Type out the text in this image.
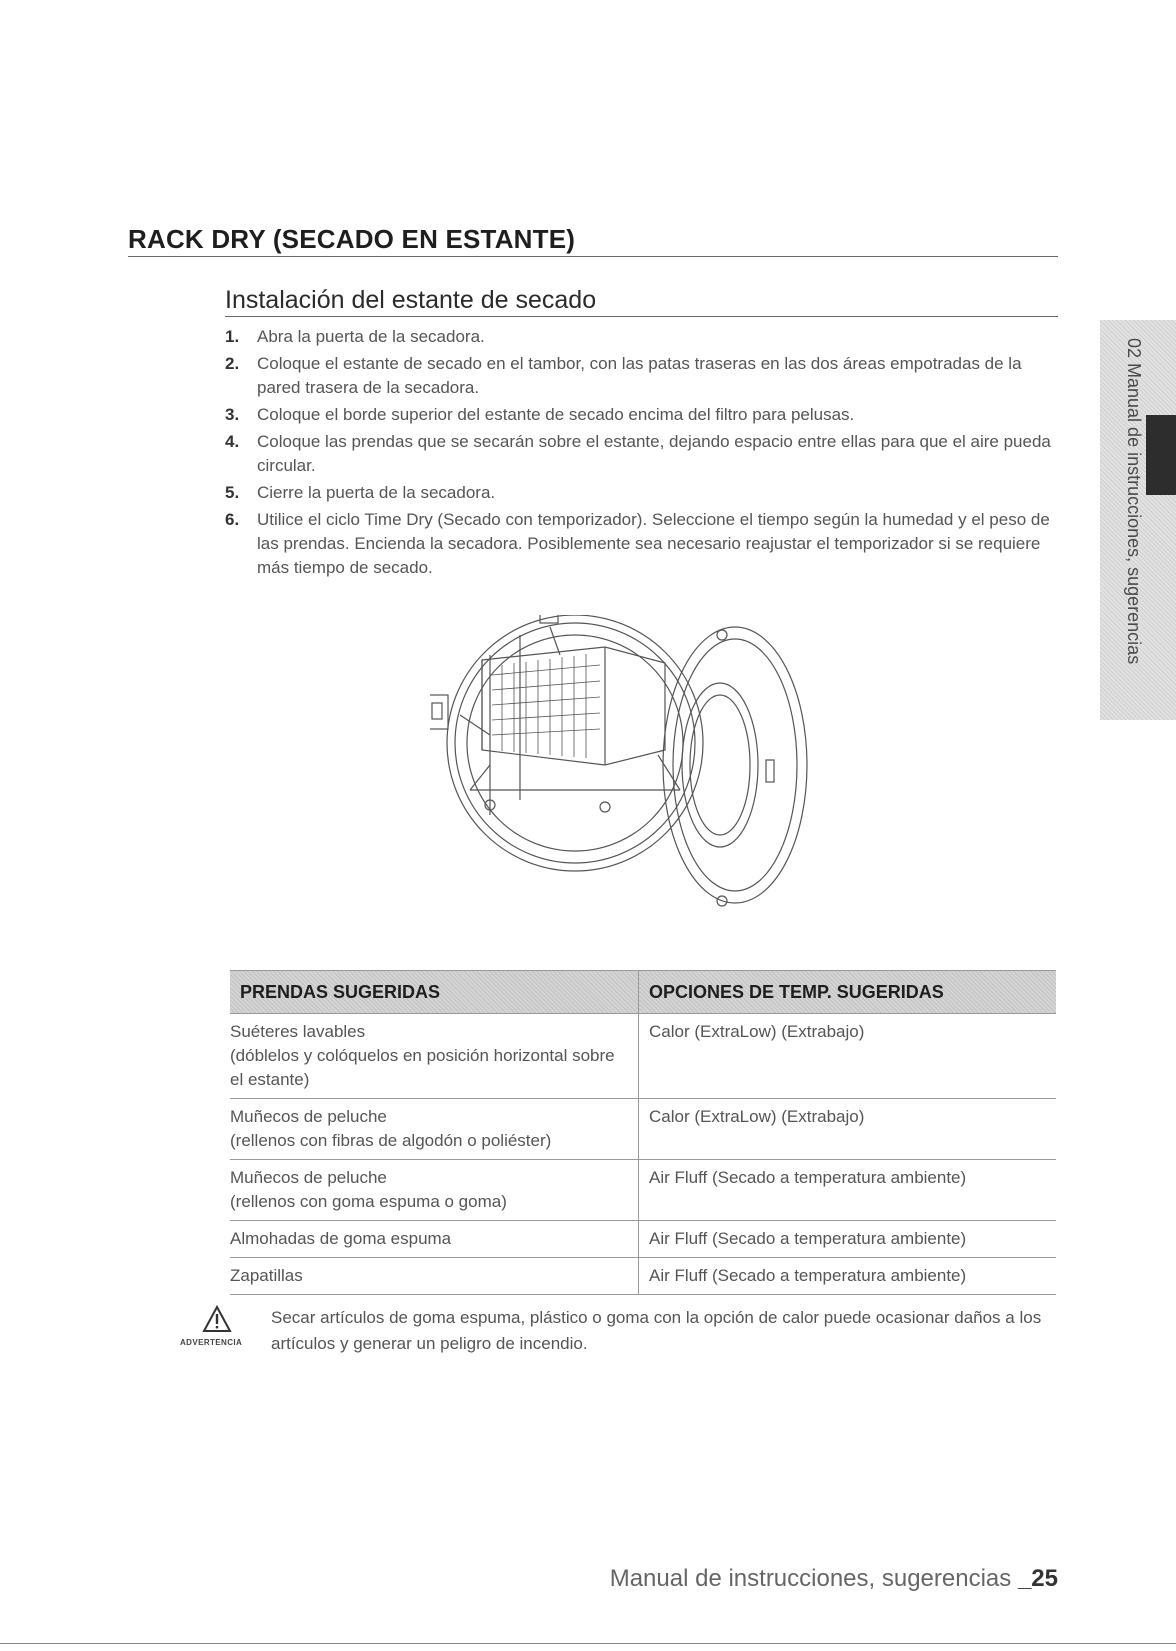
RACK DRY (SECADO EN ESTANTE)
Instalación del estante de secado
1. Abra la puerta de la secadora.
2. Coloque el estante de secado en el tambor, con las patas traseras en las dos áreas empotradas de la pared trasera de la secadora.
3. Coloque el borde superior del estante de secado encima del filtro para pelusas.
4. Coloque las prendas que se secarán sobre el estante, dejando espacio entre ellas para que el aire pueda circular.
5. Cierre la puerta de la secadora.
6. Utilice el ciclo Time Dry (Secado con temporizador). Seleccione el tiempo según la humedad y el peso de las prendas. Encienda la secadora. Posiblemente sea necesario reajustar el temporizador si se requiere más tiempo de secado.
PRENDAS SUGERIDAS	OPCIONES DE TEMP. SUGERIDAS

Suéteres lavables
(dóblelos y colóquelos en posición horizontal sobre el estante)	Calor (ExtraLow) (Extrabajo)

Muñecos de peluche
(rellenos con fibras de algodón o poliéster)	Calor (ExtraLow) (Extrabajo)

Muñecos de peluche
(rellenos con goma espuma o goma)	Air Fluff (Secado a temperatura ambiente)

Almohadas de goma espuma	Air Fluff (Secado a temperatura ambiente)

Zapatillas	Air Fluff (Secado a temperatura ambiente)
ADVERTENCIA
Secar artículos de goma espuma, plástico o goma con la opción de calor puede ocasionar daños a los artículos y generar un peligro de incendio.
02 Manual de instrucciones, sugerencias
Manual de instrucciones, sugerencias _25
